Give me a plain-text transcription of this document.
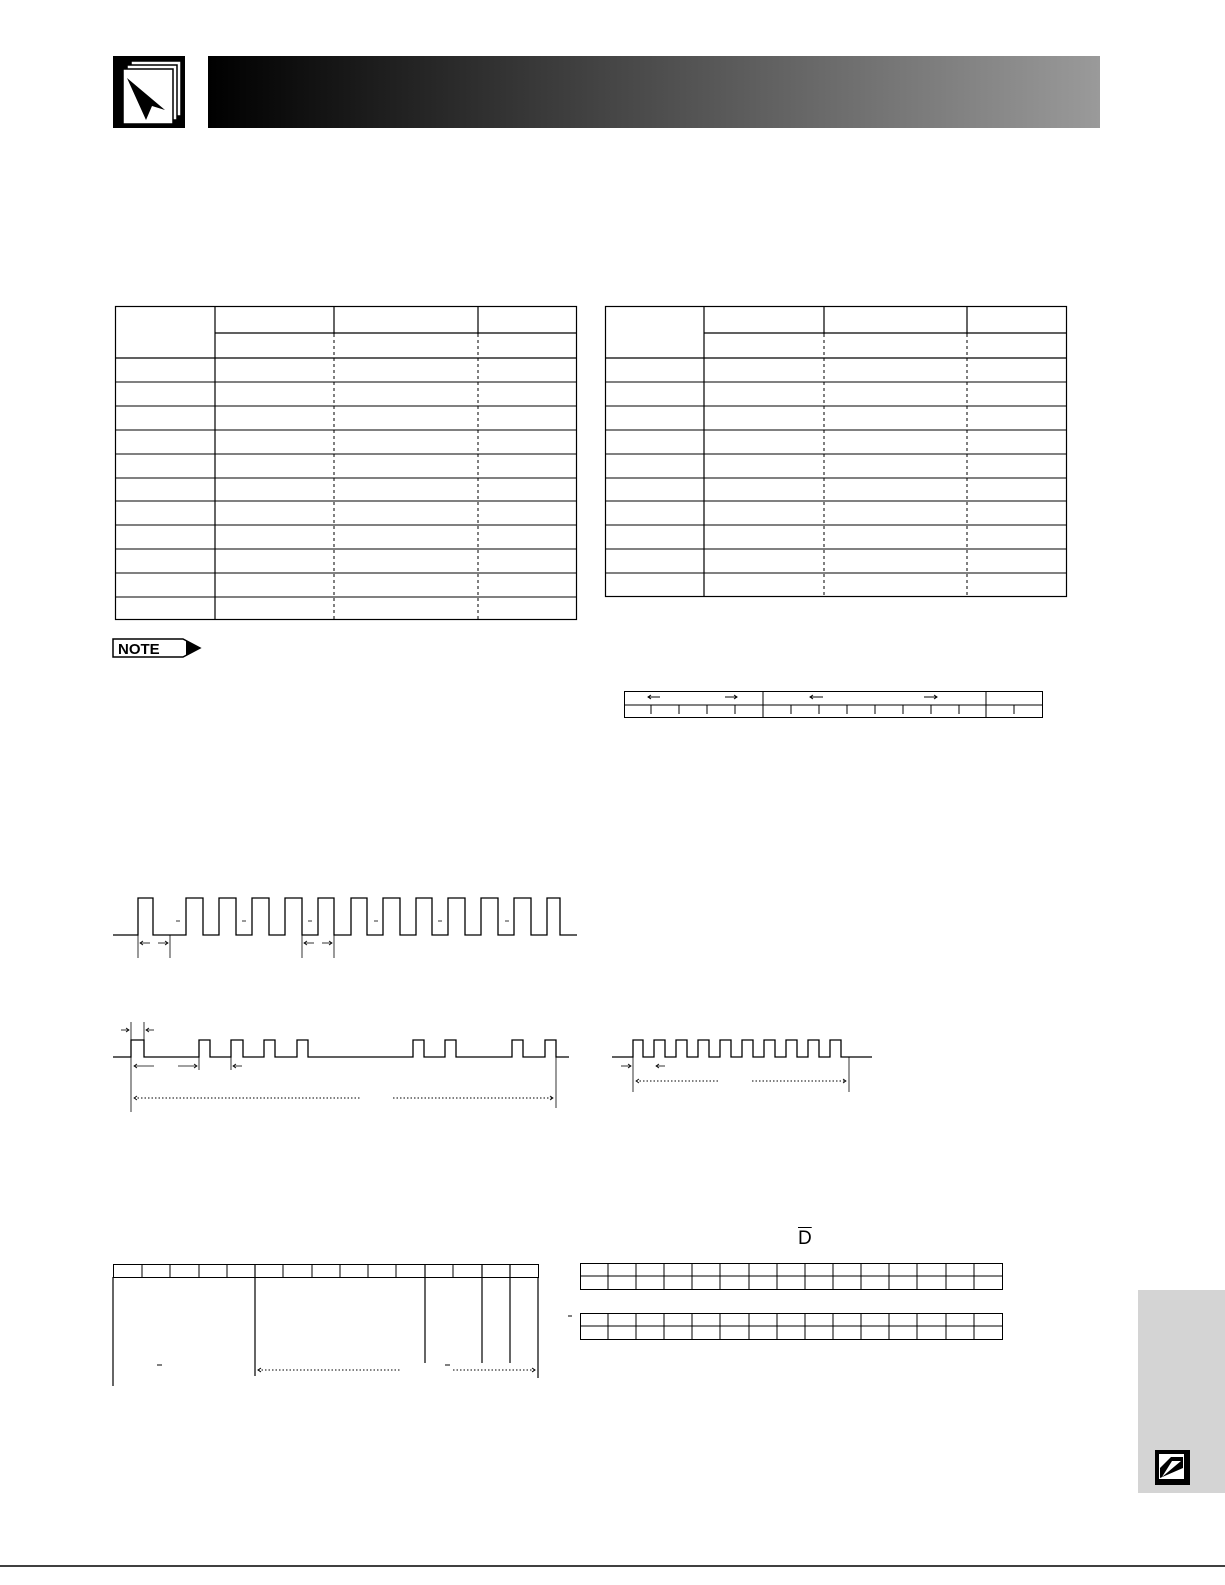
NOTE
$\overline{D}$
